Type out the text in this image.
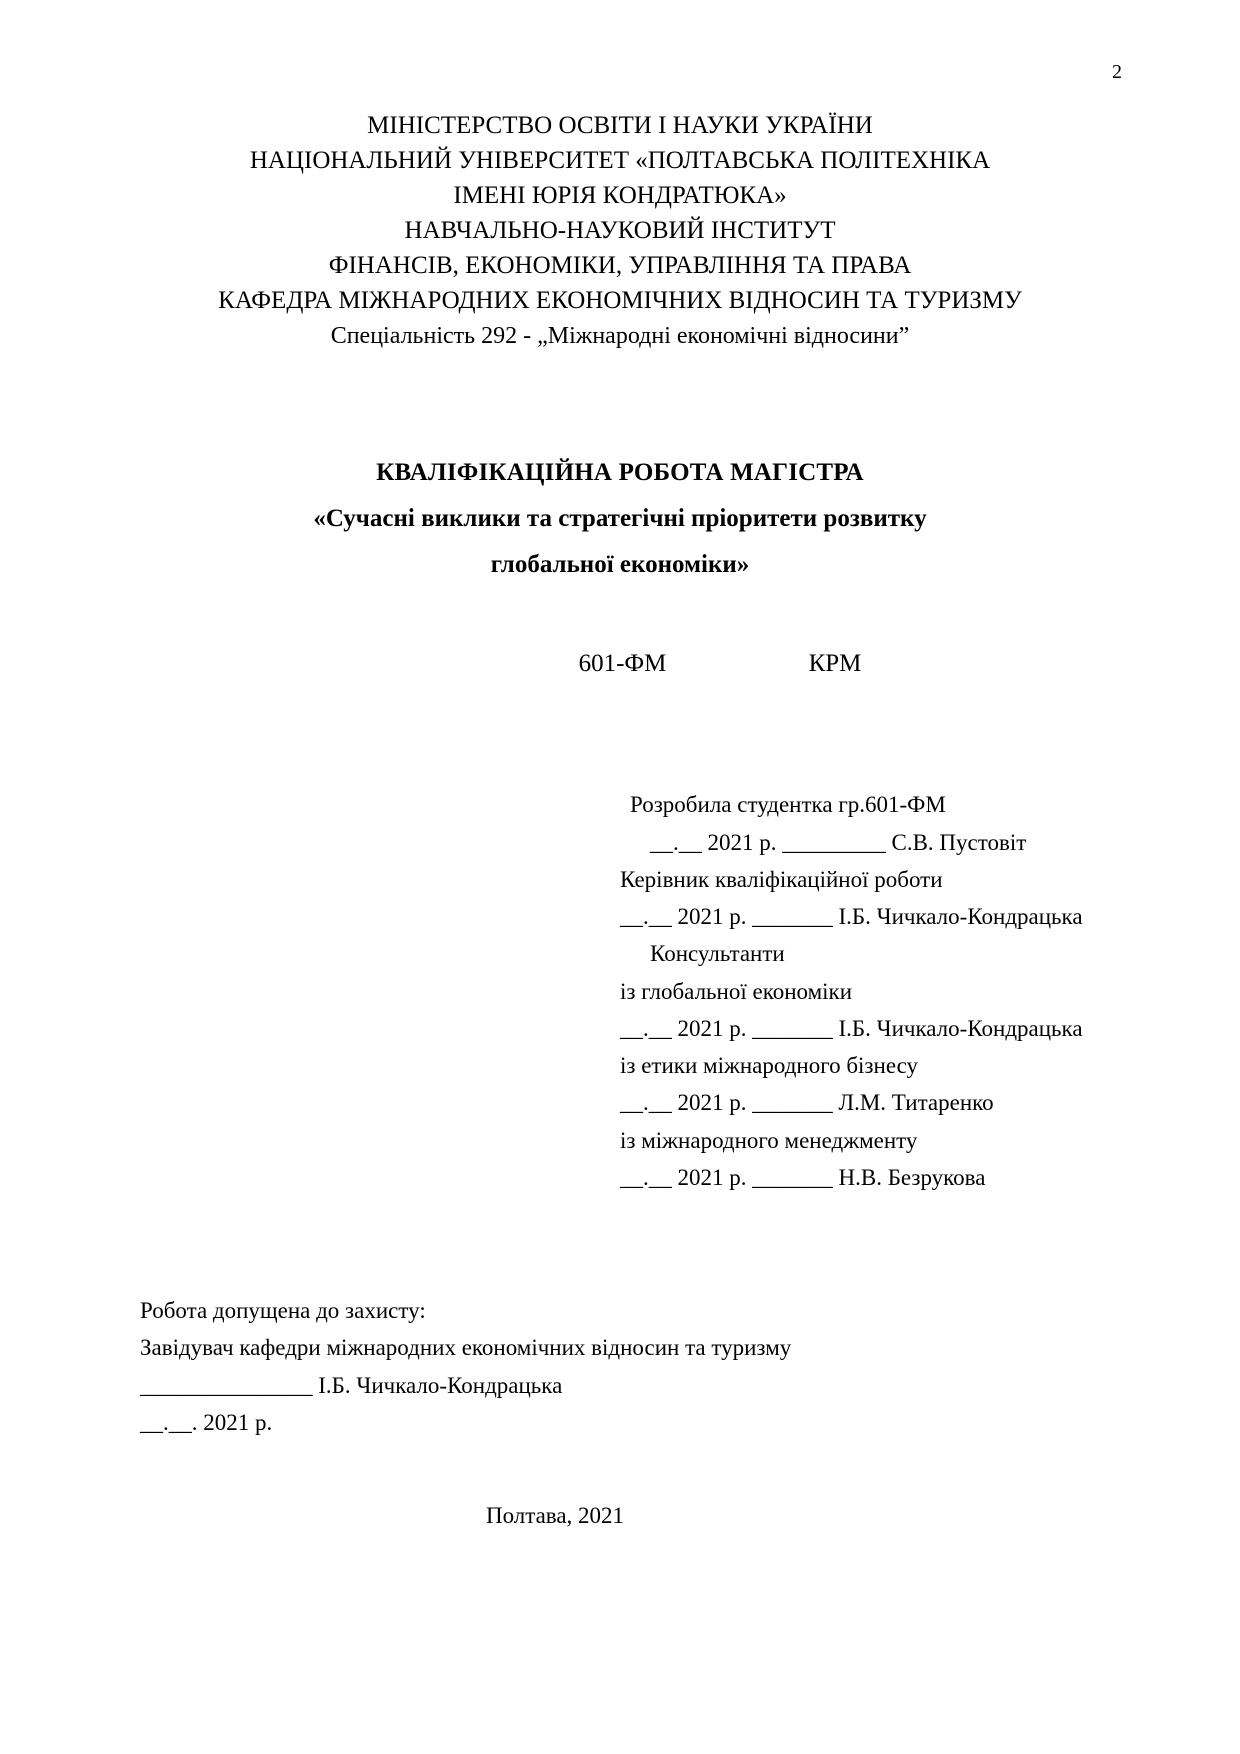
2
МІНІСТЕРСТВО ОСВІТИ І НАУКИ УКРАЇНИ
НАЦІОНАЛЬНИЙ УНІВЕРСИТЕТ «ПОЛТАВСЬКА ПОЛІТЕХНІКА
ІМЕНІ ЮРІЯ КОНДРАТЮКА»
НАВЧАЛЬНО-НАУКОВИЙ ІНСТИТУТ
ФІНАНСІВ, ЕКОНОМІКИ, УПРАВЛІННЯ ТА ПРАВА
КАФЕДРА МІЖНАРОДНИХ ЕКОНОМІЧНИХ ВІДНОСИН ТА ТУРИЗМУ
Спеціальність 292 - „Міжнародні економічні відносини”
КВАЛІФІКАЦІЙНА РОБОТА МАГІСТРА
«Сучасні виклики та стратегічні пріоритети розвитку
глобальної економіки»
601-ФМ	КРМ
Розробила студентка гр.601-ФМ
__.__ 2021 р. _________ С.В. Пустовіт
Керівник кваліфікаційної роботи
__.__ 2021 р. _______ І.Б. Чичкало-Кондрацька
Консультанти
із глобальної економіки
__.__ 2021 р. _______ І.Б. Чичкало-Кондрацька
із етики міжнародного бізнесу
__.__ 2021 р. _______ Л.М. Титаренко
із міжнародного менеджменту
__.__ 2021 р. _______ Н.В. Безрукова
Робота допущена до захисту:
Завідувач кафедри міжнародних економічних відносин та туризму
_______________ І.Б. Чичкало-Кондрацька
__.__. 2021 р.
Полтава, 2021
